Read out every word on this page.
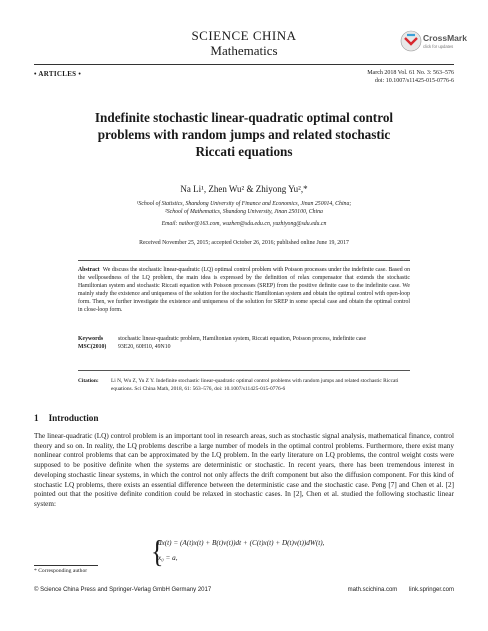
SCIENCE CHINA
Mathematics
CrossMark
click for updates
• ARTICLES •	March 2018 Vol. 61 No. 3: 563–576
doi: 10.1007/s11425-015-0776-6
Indefinite stochastic linear-quadratic optimal control
problems with random jumps and related stochastic
Riccati equations
Na Li¹, Zhen Wu² & Zhiyong Yu²,*
¹School of Statistics, Shandong University of Finance and Economics, Jinan 250014, China;
²School of Mathematics, Shandong University, Jinan 250100, China
Email: naibor@163.com, wuzhen@sdu.edu.cn, yuzhiyong@sdu.edu.cn
Received November 25, 2015; accepted October 26, 2016; published online June 19, 2017
Abstract We discuss the stochastic linear-quadratic (LQ) optimal control problem with Poisson processes under the indefinite case. Based on the wellposedness of the LQ problem, the main idea is expressed by the definition of relax compensator that extends the stochastic Hamiltonian system and stochastic Riccati equation with Poisson processes (SREP) from the positive definite case to the indefinite case. We mainly study the existence and uniqueness of the solution for the stochastic Hamiltonian system and obtain the optimal control with open-loop form. Then, we further investigate the existence and uniqueness of the solution for SREP in some special case and obtain the optimal control in close-loop form.
Keywords	stochastic linear-quadratic problem, Hamiltonian system, Riccati equation, Poisson process, indefinite case
MSC(2010)	93E20, 60H10, 49N10
Citation:	Li N, Wu Z, Yu Z Y. Indefinite stochastic linear-quadratic optimal control problems with random jumps and related stochastic Riccati equations. Sci China Math, 2018, 61: 563–576, doi: 10.1007/s11425-015-0776-6
1 Introduction
The linear-quadratic (LQ) control problem is an important tool in research areas, such as stochastic signal analysis, mathematical finance, control theory and so on. In reality, the LQ problems describe a large number of models in the optimal control problems. Furthermore, there exist many nonlinear control problems that can be approximated by the LQ problem. In the early literature on LQ problems, the control weight costs were supposed to be positive definite when the systems are deterministic or stochastic. In recent years, there has been tremendous interest in developing stochastic linear systems, in which the control not only affects the drift component but also the diffusion component. For this kind of stochastic LQ problems, there exists an essential difference between the deterministic case and the stochastic case. Peng [7] and Chen et al. [2] pointed out that the positive definite condition could be relaxed in stochastic cases. In [2], Chen et al. studied the following stochastic linear system:
{
dx(t) = (A(t)x(t) + B(t)v(t))dt + (C(t)x(t) + D(t)v(t))dW(t),
x₀ = a,
* Corresponding author
© Science China Press and Springer-Verlag GmbH Germany 2017	math.scichina.com link.springer.com
